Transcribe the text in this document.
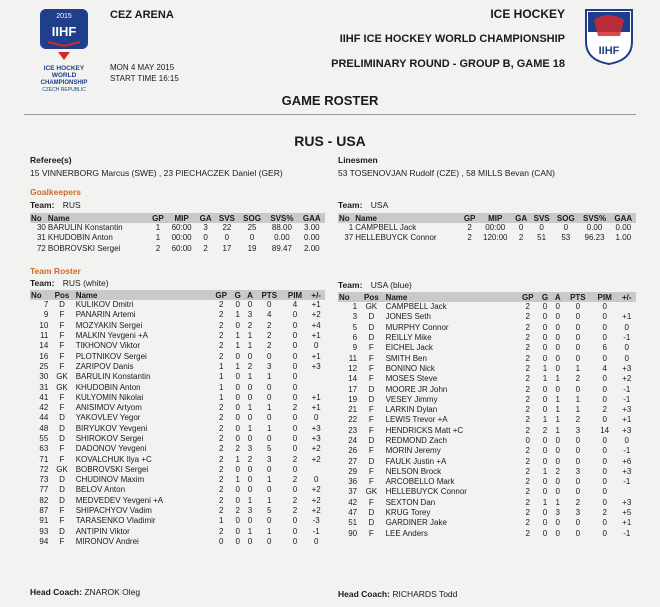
2015
IIHF
ICE HOCKEY
WORLD
CHAMPIONSHIP
CZECH REPUBLIC
CEZ ARENA
MON 4 MAY 2015
START TIME 16:15
ICE HOCKEY
IIHF ICE HOCKEY WORLD CHAMPIONSHIP
PRELIMINARY ROUND - GROUP B, GAME 18
IIHF
GAME ROSTER
RUS - USA
Referee(s)
15 VINNERBORG Marcus (SWE) , 23 PIECHACZEK Daniel (GER)
Linesmen
53 TOSENOVJAN Rudolf (CZE) , 58 MILLS Bevan (CAN)
Goalkeepers
Team: RUS	Team: USA
No	Name	GP	MIP	GA	SVS	SOG	SVS%	GAA
30	BARULIN Konstantin	1	60:00	3	22	25	88.00	3.00
31	KHUDOBIN Anton	1	00:00	0	0	0	0.00	0.00
72	BOBROVSKI Sergei	2	60:00	2	17	19	89.47	2.00
No	Name	GP	MIP	GA	SVS	SOG	SVS%	GAA
1	CAMPBELL Jack	2	00:00	0	0	0	0.00	0.00
37	HELLEBUYCK Connor	2	120:00	2	51	53	96.23	1.00
Team Roster
Team: RUS (white)	Team: USA (blue)
No	Pos	Name	GP	G	A	PTS	PIM	+/-
7	D	KULIKOV Dmitri	2	0	0	0	4	+1
9	F	PANARIN Artemi	2	1	3	4	0	+2
10	F	MOZYAKIN Sergei	2	0	2	2	0	+4
11	F	MALKIN Yevgeni +A	2	1	1	2	0	+1
14	F	TIKHONOV Viktor	2	1	1	2	0	0
16	F	PLOTNIKOV Sergei	2	0	0	0	0	+1
25	F	ZARIPOV Danis	1	1	2	3	0	+3
30	GK	BARULIN Konstantin	1	0	1	1	0	
31	GK	KHUDOBIN Anton	1	0	0	0	0	
41	F	KULYOMIN Nikolai	1	0	0	0	0	+1
42	F	ANISIMOV Artyom	2	0	1	1	2	+1
44	D	YAKOVLEV Yegor	2	0	0	0	0	0
48	D	BIRYUKOV Yevgeni	2	0	1	1	0	+3
55	D	SHIROKOV Sergei	2	0	0	0	0	+3
63	F	DADONOV Yevgeni	2	2	3	5	0	+2
71	F	KOVALCHUK Ilya +C	2	1	2	3	2	+2
72	GK	BOBROVSKI Sergei	2	0	0	0	0	
73	D	CHUDINOV Maxim	2	1	0	1	2	0
77	D	BELOV Anton	2	0	0	0	0	+2
82	D	MEDVEDEV Yevgeni +A	2	0	1	1	2	+2
87	F	SHIPACHYOV Vadim	2	2	3	5	2	+2
91	F	TARASENKO Vladimir	1	0	0	0	0	-3
93	D	ANTIPIN Viktor	2	0	1	1	0	-1
94	F	MIRONOV Andrei	0	0	0	0	0	0
No	Pos	Name	GP	G	A	PTS	PIM	+/-
1	GK	CAMPBELL Jack	2	0	0	0	0	
3	D	JONES Seth	2	0	0	0	0	+1
5	D	MURPHY Connor	2	0	0	0	0	0
6	D	REILLY Mike	2	0	0	0	0	-1
9	F	EICHEL Jack	2	0	0	0	6	0
11	F	SMITH Ben	2	0	0	0	0	0
12	F	BONINO Nick	2	1	0	1	4	+3
14	F	MOSES Steve	2	1	1	2	0	+2
17	D	MOORE JR John	2	0	0	0	0	-1
19	D	VESEY Jimmy	2	0	1	1	0	-1
21	F	LARKIN Dylan	2	0	1	1	2	+3
22	F	LEWIS Trevor +A	2	1	1	2	0	+1
23	F	HENDRICKS Matt +C	2	2	1	3	14	+3
24	D	REDMOND Zach	0	0	0	0	0	0
26	F	MORIN Jeremy	2	0	0	0	0	-1
27	D	FAULK Justin +A	2	0	0	0	0	+6
29	F	NELSON Brock	2	1	2	3	0	+3
36	F	ARCOBELLO Mark	2	0	0	0	0	-1
37	GK	HELLEBUYCK Connor	2	0	0	0	0	
42	F	SEXTON Dan	2	1	1	2	0	+3
47	D	KRUG Torey	2	0	3	3	2	+5
51	D	GARDINER Jake	2	0	0	0	0	+1
90	F	LEE Anders	2	0	0	0	0	-1
Head Coach: ZNAROK Oleg	Head Coach: RICHARDS Todd
